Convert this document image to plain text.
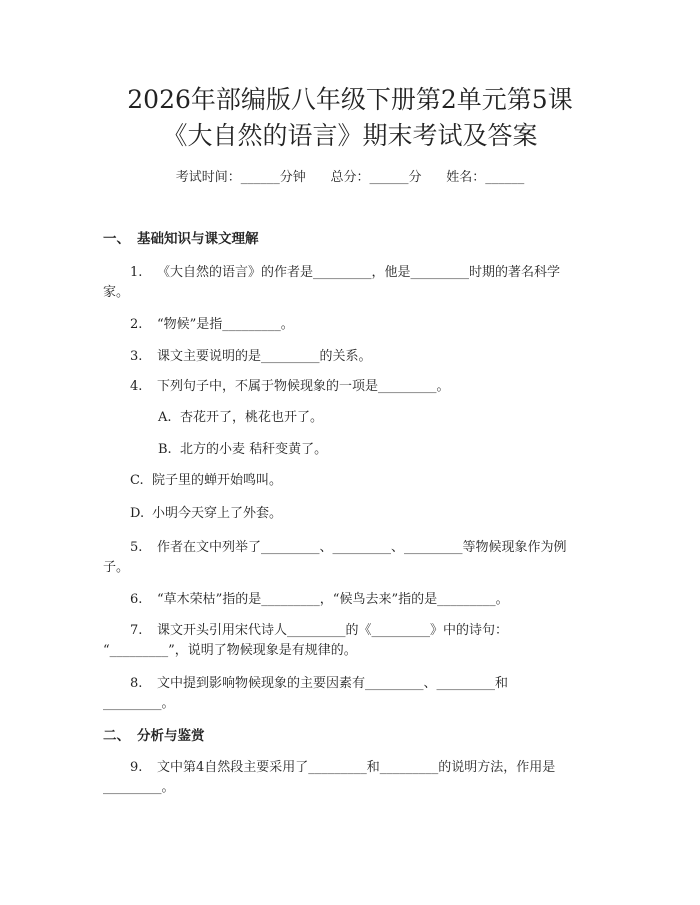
2026年部编版八年级下册第2单元第5课
《大自然的语言》期末考试及答案
考试时间：______分钟      总分：______分      姓名：______
一、 基础知识与课文理解
1. 《大自然的语言》的作者是_________，他是_________时期的著名科学
家。
2. “物候”是指_________。
3. 课文主要说明的是_________的关系。
4. 下列句子中，不属于物候现象的一项是_________。
A. 杏花开了，桃花也开了。
B. 北方的小麦 秸秆变黄了。
C. 院子里的蝉开始鸣叫。
D. 小明今天穿上了外套。
5. 作者在文中列举了_________、_________、_________等物候现象作为例
子。
6. “草木荣枯”指的是_________，“候鸟去来”指的是_________。
7. 课文开头引用宋代诗人_________的《_________》中的诗句：
“_________”，说明了物候现象是有规律的。
8. 文中提到影响物候现象的主要因素有_________、_________和
_________。
二、 分析与鉴赏
9. 文中第4自然段主要采用了_________和_________的说明方法，作用是
_________。
